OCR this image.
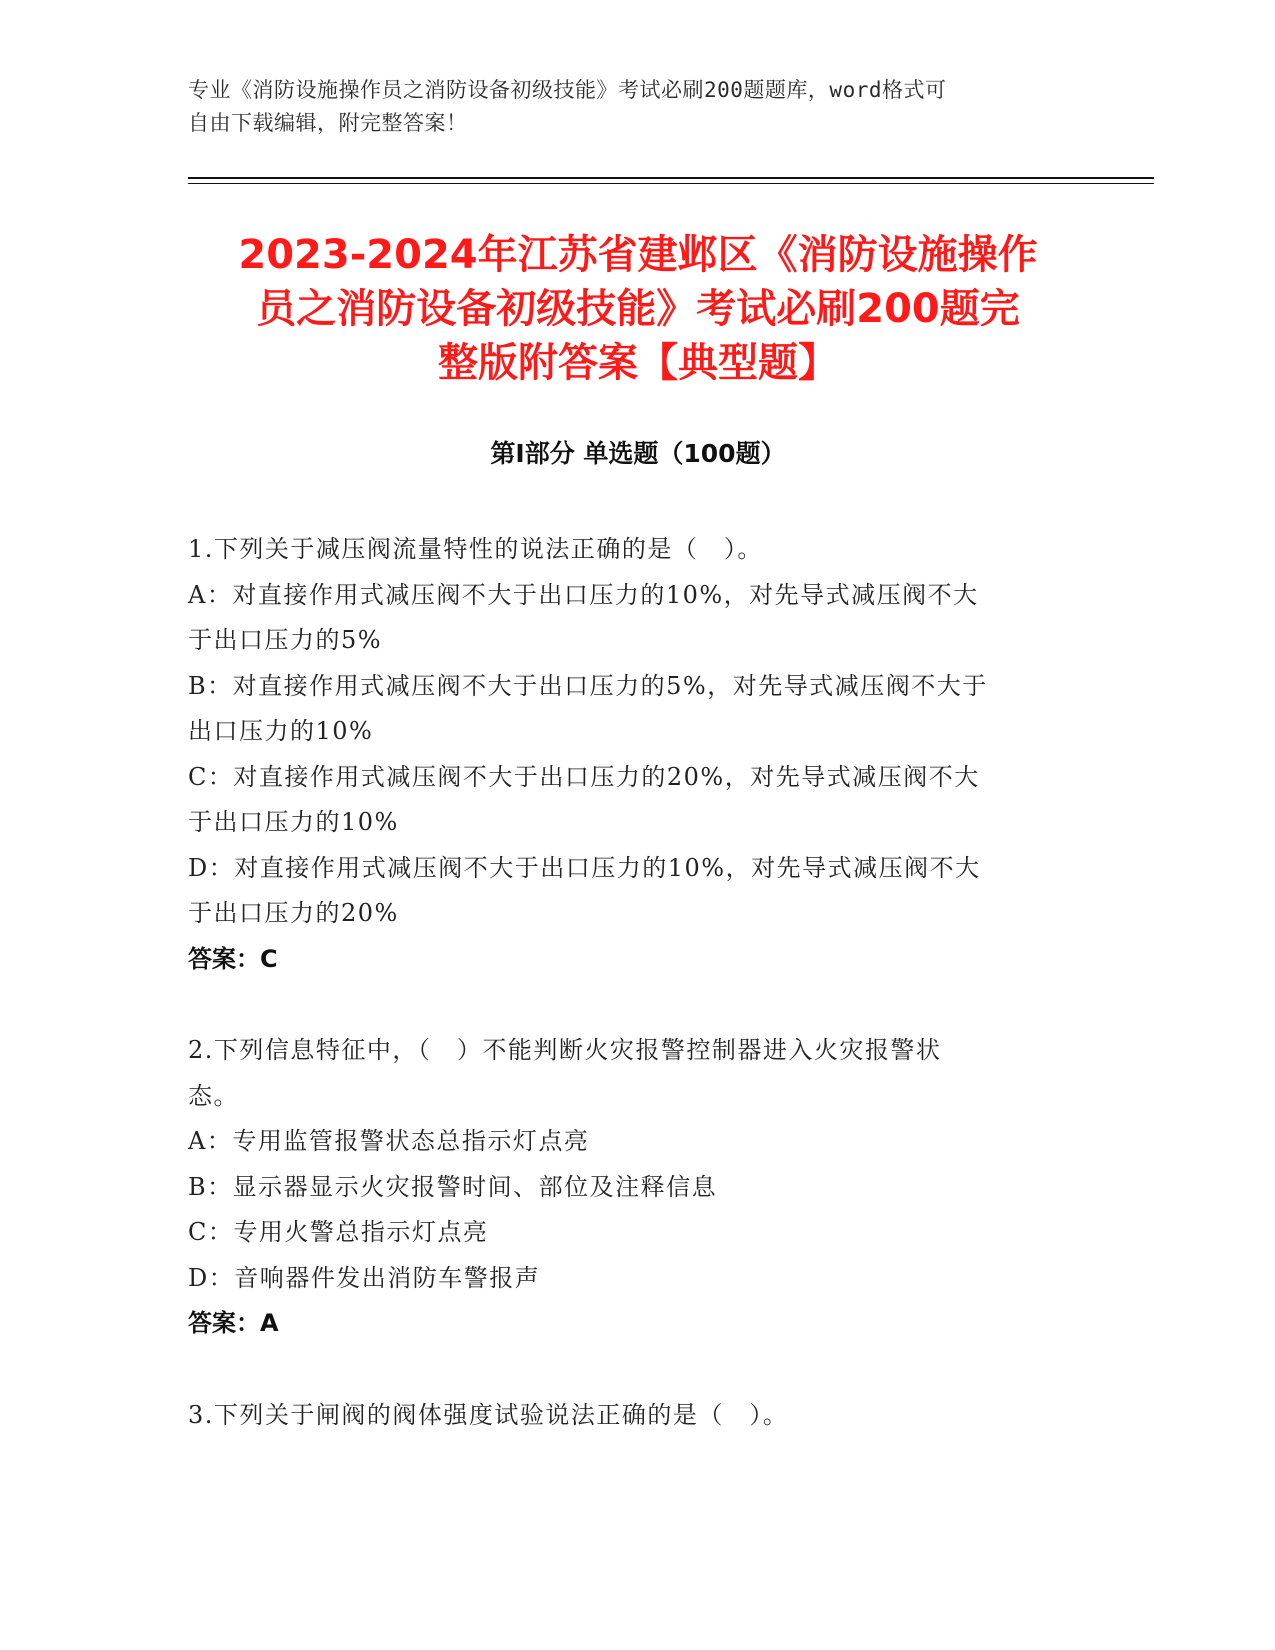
专业《消防设施操作员之消防设备初级技能》考试必刷200题题库，word格式可
自由下载编辑，附完整答案！
2023-2024年江苏省建邺区《消防设施操作
员之消防设备初级技能》考试必刷200题完
整版附答案【典型题】
第Ⅰ部分 单选题（100题）
1.下列关于减压阀流量特性的说法正确的是（　）。
A：对直接作用式减压阀不大于出口压力的10%，对先导式减压阀不大
于出口压力的5%
B：对直接作用式减压阀不大于出口压力的5%，对先导式减压阀不大于
出口压力的10%
C：对直接作用式减压阀不大于出口压力的20%，对先导式减压阀不大
于出口压力的10%
D：对直接作用式减压阀不大于出口压力的10%，对先导式减压阀不大
于出口压力的20%
答案：C
2.下列信息特征中，（　）不能判断火灾报警控制器进入火灾报警状
态。
A：专用监管报警状态总指示灯点亮
B：显示器显示火灾报警时间、部位及注释信息
C：专用火警总指示灯点亮
D：音响器件发出消防车警报声
答案：A
3.下列关于闸阀的阀体强度试验说法正确的是（　）。
